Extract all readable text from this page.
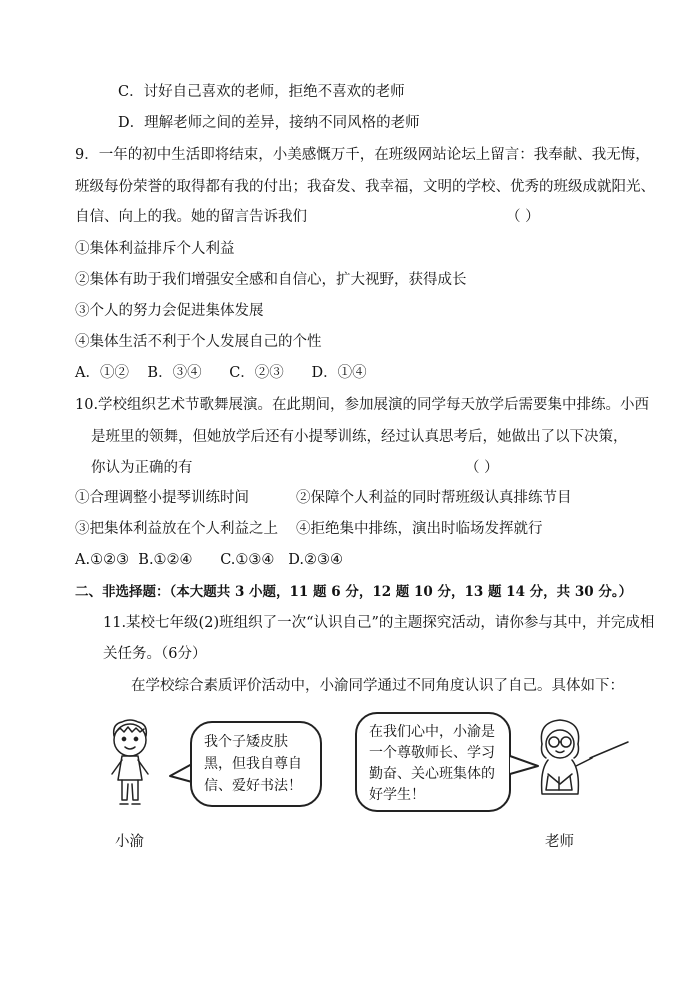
C．讨好自己喜欢的老师，拒绝不喜欢的老师
D．理解老师之间的差异，接纳不同风格的老师
9．一年的初中生活即将结束，小美感慨万千，在班级网站论坛上留言：我奉献、我无悔，
班级每份荣誉的取得都有我的付出；我奋发、我幸福，文明的学校、优秀的班级成就阳光、
自信、向上的我。她的留言告诉我们	（ ）
①集体利益排斥个人利益
②集体有助于我们增强安全感和自信心，扩大视野，获得成长
③个人的努力会促进集体发展
④集体生活不利于个人发展自己的个性
A．①②    B．③④      C．②③      D．①④
10.学校组织艺术节歌舞展演。在此期间，参加展演的同学每天放学后需要集中排练。小西
是班里的领舞，但她放学后还有小提琴训练，经过认真思考后，她做出了以下决策，
你认为正确的有	（ ）
①合理调整小提琴训练时间	②保障个人利益的同时帮班级认真排练节目
③把集体利益放在个人利益之上 ④拒绝集中排练，演出时临场发挥就行
A.①②③  B.①②④      C.①③④   D.②③④
二、非选择题：（本大题共 3 小题，11 题 6 分，12 题 10 分，13 题 14 分，共 30 分。）
11.某校七年级(2)班组织了一次“认识自己”的主题探究活动，请你参与其中，并完成相
关任务。（6分）
在学校综合素质评价活动中，小渝同学通过不同角度认识了自己。具体如下：
我个子矮皮肤
黑，但我自尊自
信、爱好书法！
在我们心中，小渝是
一个尊敬师长、学习
勤奋、关心班集体的
好学生！
小渝	老师
